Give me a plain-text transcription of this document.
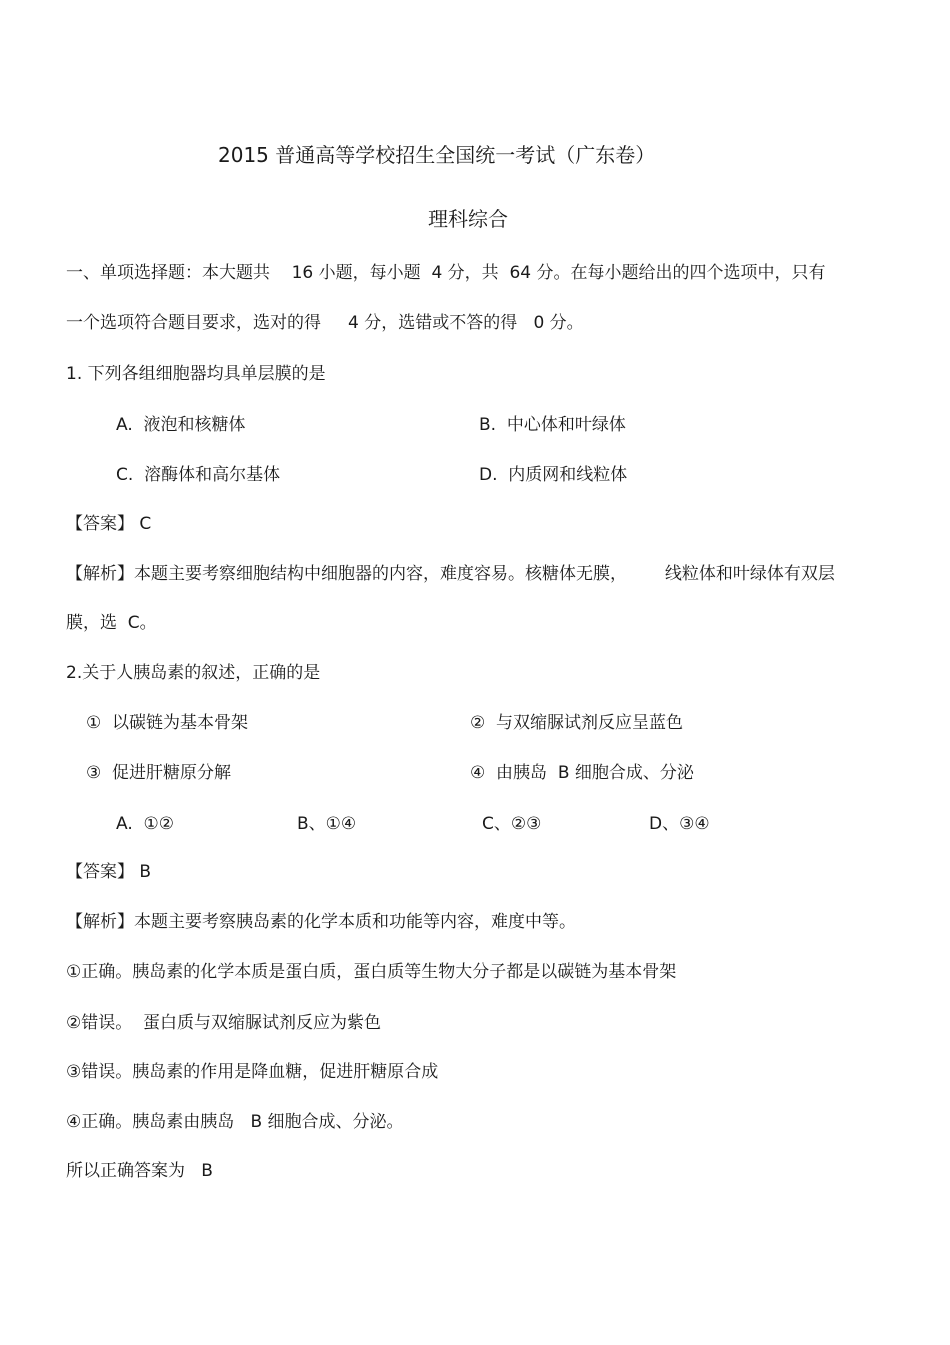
2015 普通高等学校招生全国统一考试（广东卷）
理科综合
一、单项选择题：本大题共    16 小题，每小题  4 分，共  64 分。在每小题给出的四个选项中，只有
一个选项符合题目要求，选对的得     4 分，选错或不答的得   0 分。
1. 下列各组细胞器均具单层膜的是
A.  液泡和核糖体	B.  中心体和叶绿体
C.  溶酶体和高尔基体	D.  内质网和线粒体
【答案】 C
【解析】本题主要考察细胞结构中细胞器的内容，难度容易。核糖体无膜，       线粒体和叶绿体有双层
膜，选  C。
2.关于人胰岛素的叙述，正确的是
①  以碳链为基本骨架	②  与双缩脲试剂反应呈蓝色
③  促进肝糖原分解	④  由胰岛  B 细胞合成、分泌
A.  ①②	B、①④	C、②③	D、③④
【答案】 B
【解析】本题主要考察胰岛素的化学本质和功能等内容，难度中等。
①正确。胰岛素的化学本质是蛋白质，蛋白质等生物大分子都是以碳链为基本骨架
②错误。  蛋白质与双缩脲试剂反应为紫色
③错误。胰岛素的作用是降血糖，促进肝糖原合成
④正确。胰岛素由胰岛   B 细胞合成、分泌。
所以正确答案为   B
